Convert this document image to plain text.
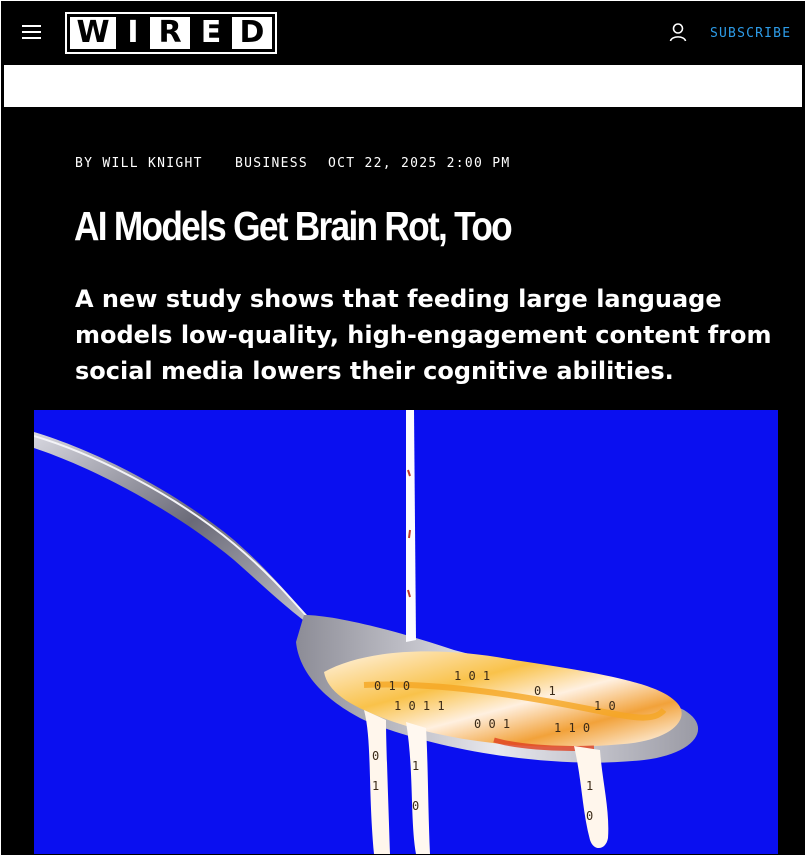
W I R E D	SUBSCRIBE
BY WILL KNIGHT BUSINESS OCT 22, 2025 2:00 PM
AI Models Get Brain Rot, Too

A new study shows that feeding large language models low-quality, high-engagement content from social media lowers their cognitive abilities.

0 1 0
1 0 1
0 1
1 0
1 0 1 1
0 0 1	1 1 0
0
1
1
0
1
0
